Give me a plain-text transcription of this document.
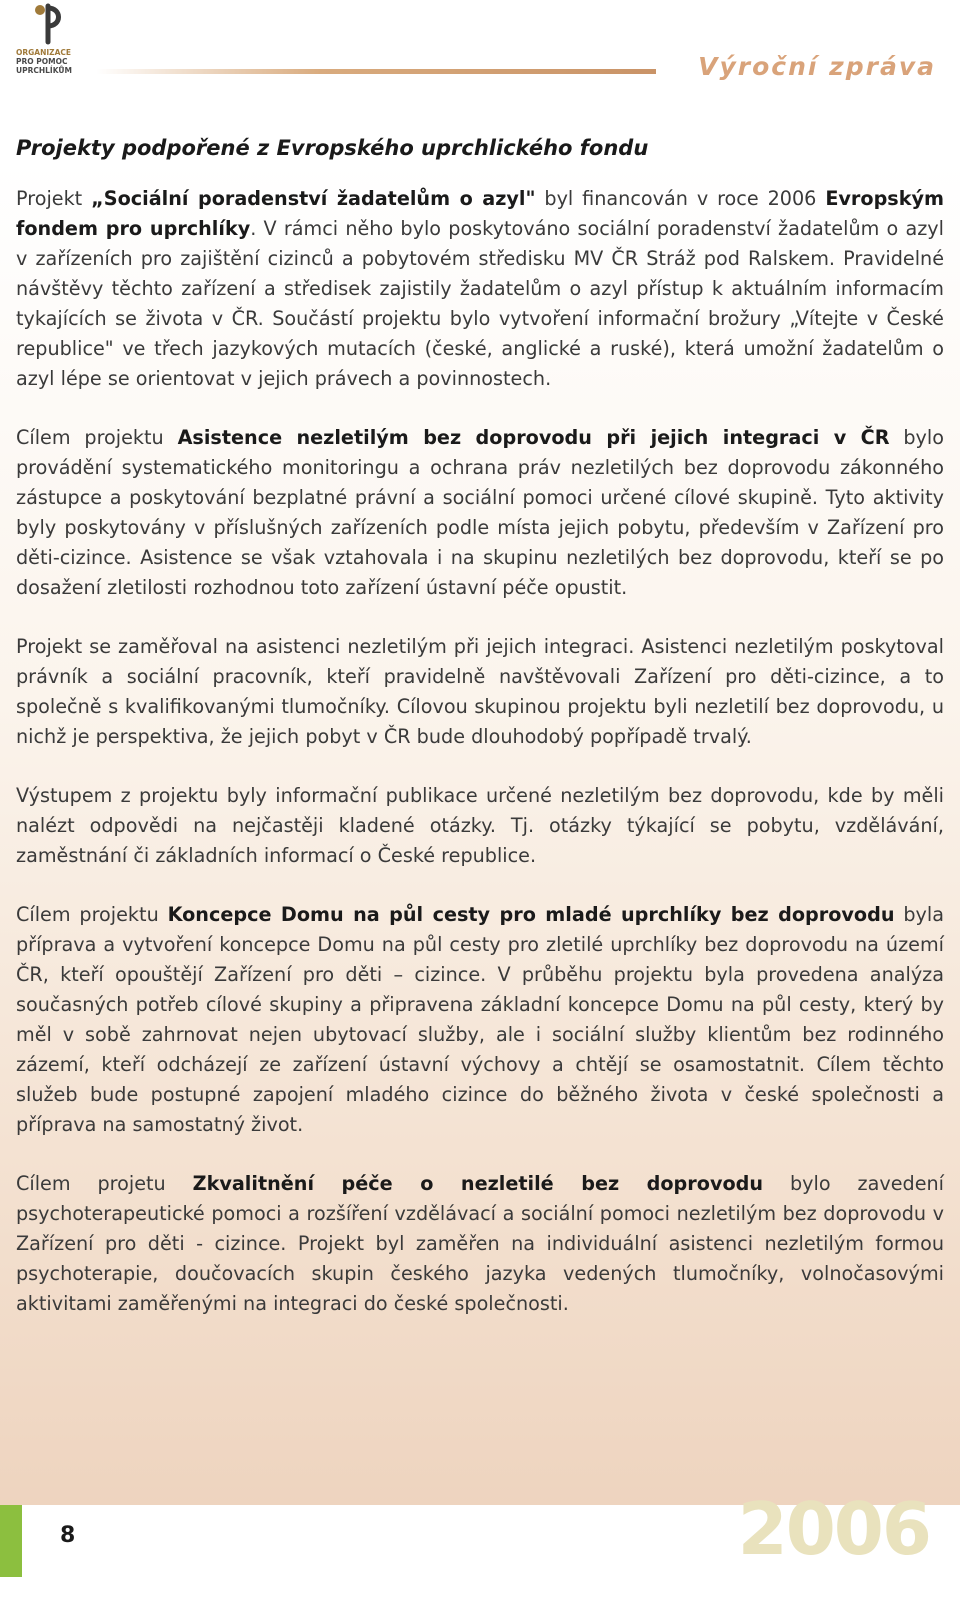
ORGANIZACE
PRO POMOC
UPRCHLÍKŮM	Výroční zpráva
Projekty podpořené z Evropského uprchlického fondu

Projekt „Sociální poradenství žadatelům o azyl" byl financován v roce 2006 Evropským fondem pro uprchlíky. V rámci něho bylo poskytováno sociální poradenství žadatelům o azyl v zařízeních pro zajištění cizinců a pobytovém středisku MV ČR Stráž pod Ralskem. Pravidelné návštěvy těchto zařízení a středisek zajistily žadatelům o azyl přístup k aktuálním informacím tykajících se života v ČR. Součástí projektu bylo vytvoření informační brožury „Vítejte v České republice" ve třech jazykových mutacích (české, anglické a ruské), která umožní žadatelům o azyl lépe se orientovat v jejich právech a povinnostech.

Cílem projektu Asistence nezletilým bez doprovodu při jejich integraci v ČR bylo provádění systematického monitoringu a ochrana práv nezletilých bez doprovodu zákonného zástupce a poskytování bezplatné právní a sociální pomoci určené cílové skupině. Tyto aktivity byly poskytovány v příslušných zařízeních podle místa jejich pobytu, především v Zařízení pro děti-cizince. Asistence se však vztahovala i na skupinu nezletilých bez doprovodu, kteří se po dosažení zletilosti rozhodnou toto zařízení ústavní péče opustit.

Projekt se zaměřoval na asistenci nezletilým při jejich integraci. Asistenci nezletilým poskytoval právník a sociální pracovník, kteří pravidelně navštěvovali Zařízení pro děti-cizince, a to společně s kvalifikovanými tlumočníky. Cílovou skupinou projektu byli nezletilí bez doprovodu, u nichž je perspektiva, že jejich pobyt v ČR bude dlouhodobý popřípadě trvalý.

Výstupem z projektu byly informační publikace určené nezletilým bez doprovodu, kde by měli nalézt odpovědi na nejčastěji kladené otázky. Tj. otázky týkající se pobytu, vzdělávání, zaměstnání či základních informací o České republice.

Cílem projektu Koncepce Domu na půl cesty pro mladé uprchlíky bez doprovodu byla příprava a vytvoření koncepce Domu na půl cesty pro zletilé uprchlíky bez doprovodu na území ČR, kteří opouštějí Zařízení pro děti – cizince. V průběhu projektu byla provedena analýza současných potřeb cílové skupiny a připravena základní koncepce Domu na půl cesty, který by měl v sobě zahrnovat nejen ubytovací služby, ale i sociální služby klientům bez rodinného zázemí, kteří odcházejí ze zařízení ústavní výchovy a chtějí se osamostatnit. Cílem těchto služeb bude postupné zapojení mladého cizince do běžného života v české společnosti a příprava na samostatný život.

Cílem projetu Zkvalitnění péče o nezletilé bez doprovodu bylo zavedení psychoterapeutické pomoci a rozšíření vzdělávací a sociální pomoci nezletilým bez doprovodu v Zařízení pro děti - cizince. Projekt byl zaměřen na individuální asistenci nezletilým formou psychoterapie, doučovacích skupin českého jazyka vedených tlumočníky, volnočasovými aktivitami zaměřenými na integraci do české společnosti.

8	2006
